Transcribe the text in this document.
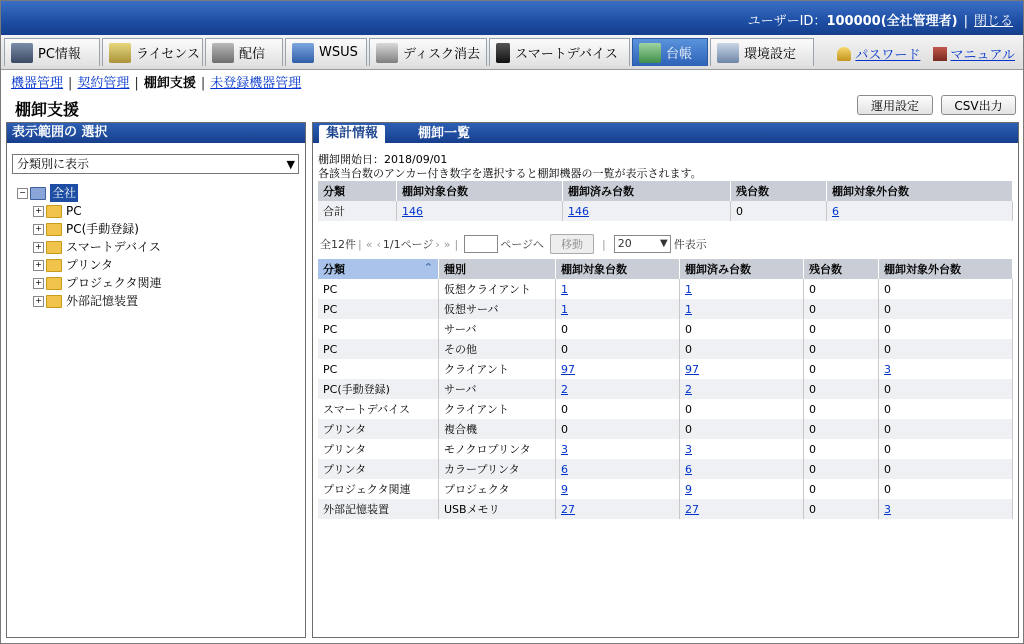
ユーザーID：100000(全社管理者) | 閉じる
PC情報	ライセンス	配信	WSUS	ディスク消去	スマートデバイス	台帳	環境設定	パスワード マニュアル
機器管理 | 契約管理 | 棚卸支援 | 未登録機器管理
棚卸支援	運用設定	CSV出力
表示範囲の 選択
分類別に表示	▼
− 全社
+ PC
+ PC(手動登録)
+ スマートデバイス
+ プリンタ
+ プロジェクタ関連
+ 外部記憶装置
集計情報	棚卸一覧
棚卸開始日：2018/09/01
各該当台数のアンカー付き数字を選択すると棚卸機器の一覧が表示されます。
分類	棚卸対象台数	棚卸済み台数	残台数	棚卸対象外台数
合計	146	146	0	6
全12件 | « ‹ 1/1ページ › » |	ページへ	移動	|	20	▼ 件表示
分類 ⌃	種別	棚卸対象台数	棚卸済み台数	残台数	棚卸対象外台数
PC	仮想クライアント	1	1	0	0
PC	仮想サーバ	1	1	0	0
PC	サーバ	0	0	0	0
PC	その他	0	0	0	0
PC	クライアント	97	97	0	3
PC(手動登録)	サーバ	2	2	0	0
スマートデバイス	クライアント	0	0	0	0
プリンタ	複合機	0	0	0	0
プリンタ	モノクロプリンタ	3	3	0	0
プリンタ	カラープリンタ	6	6	0	0
プロジェクタ関連	プロジェクタ	9	9	0	0
外部記憶装置	USBメモリ	27	27	0	3
